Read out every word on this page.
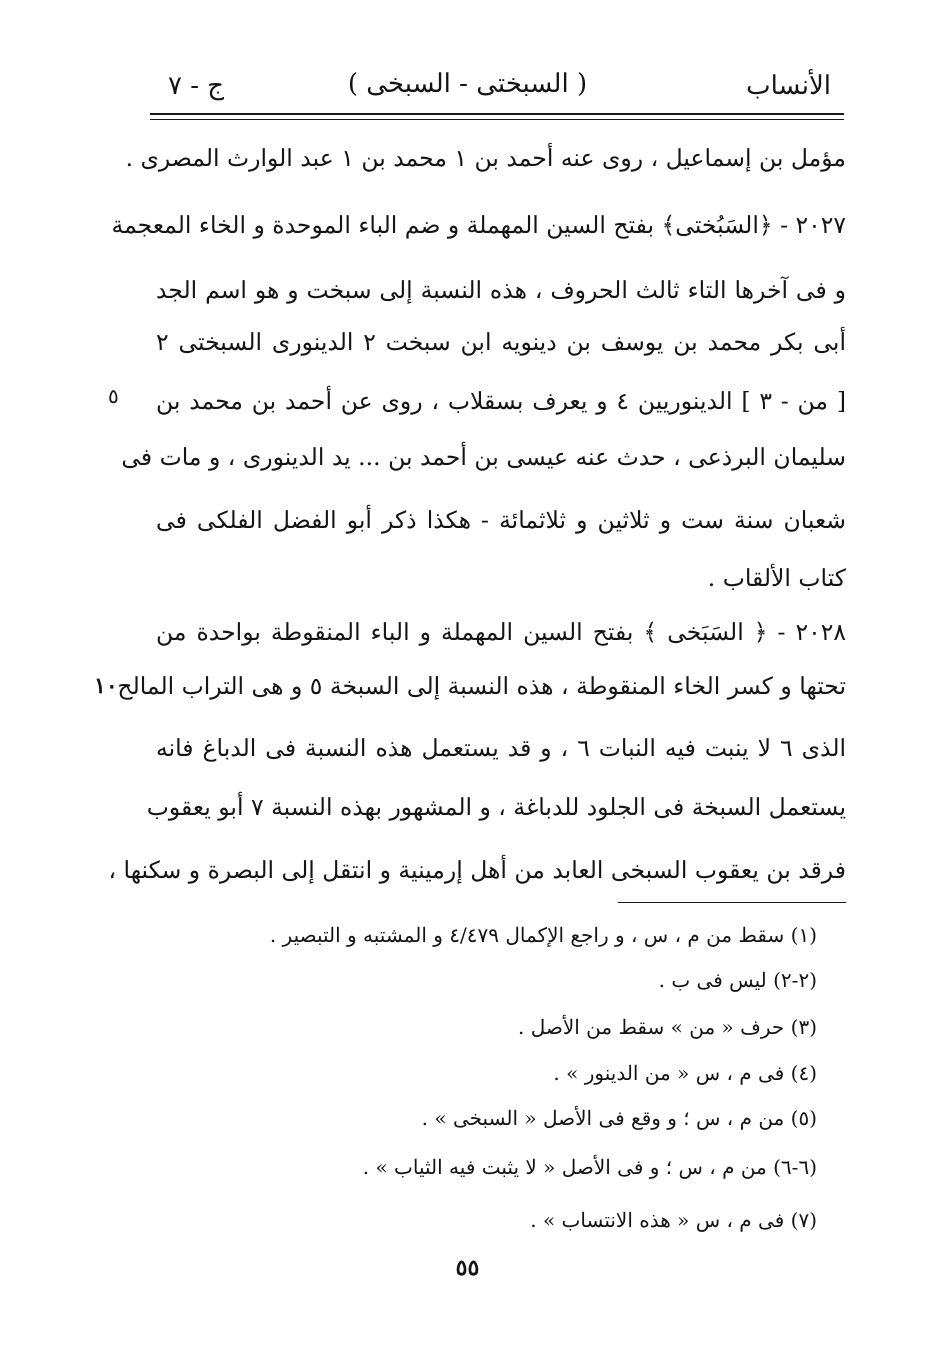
ج - ٧	( السبختى - السبخى )	الأنساب
مؤمل بن إسماعيل ، روى عنه أحمد بن ١ محمد بن ١ عبد الوارث المصرى .
٢٠٢٧ - ﴿السَبُختى﴾ بفتح السين المهملة و ضم الباء الموحدة و الخاء المعجمة
و فى آخرها التاء ثالث الحروف ، هذه النسبة إلى سبخت و هو اسم الجد
أبى بكر محمد بن يوسف بن دينويه ابن سبخت ٢ الدينورى السبختى ٢
[ من - ٣ ] الدينوريين ٤ و يعرف بسقلاب ، روى عن أحمد بن محمد بن
سليمان البرذعى ، حدث عنه عيسى بن أحمد بن ... يد الدينورى ، و مات فى
شعبان سنة ست و ثلاثين و ثلاثمائة - هكذا ذكر أبو الفضل الفلكى فى
كتاب الألقاب .
٢٠٢٨ - ﴿ السَبَخى ﴾ بفتح السين المهملة و الباء المنقوطة بواحدة من
تحتها و كسر الخاء المنقوطة ، هذه النسبة إلى السبخة ٥ و هى التراب المالح
الذى ٦ لا ينبت فيه النبات ٦ ، و قد يستعمل هذه النسبة فى الدباغ فانه
يستعمل السبخة فى الجلود للدباغة ، و المشهور بهذه النسبة ٧ أبو يعقوب
فرقد بن يعقوب السبخى العابد من أهل إرمينية و انتقل إلى البصرة و سكنها ،
٥
١٠
(١) سقط من م ، س ، و راجع الإكمال ٤/٤٧٩ و المشتبه و التبصير .
(٢-٢) ليس فى ب .
(٣) حرف « من » سقط من الأصل .
(٤) فى م ، س « من الدينور » .
(٥) من م ، س ؛ و وقع فى الأصل « السبخى » .
(٦-٦) من م ، س ؛ و فى الأصل « لا يثبت فيه الثياب » .
(٧) فى م ، س « هذه الانتساب » .
٥٥
